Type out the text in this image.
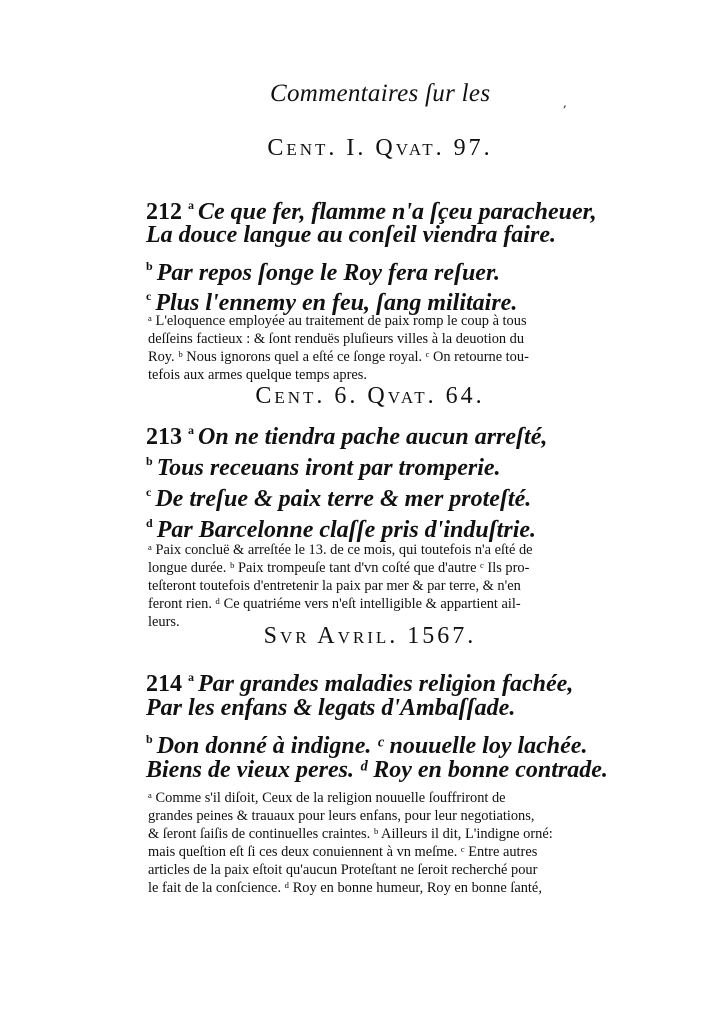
Commentaires ſur les	,
Cent. I. Qvat. 97.
212 $^a$ Ce que fer, flamme n'a ſçeu paracheuer,
La douce langue au conſeil viendra faire.
$^b$ Par repos ſonge le Roy fera reſuer.
$^c$ Plus l'ennemy en feu, ſang militaire.
ᵃ L'eloquence employée au traitement de paix romp le coup à tous
deſſeins factieux : & ſont renduës pluſieurs villes à la deuotion du
Roy. ᵇ Nous ignorons quel a eſté ce ſonge royal. ᶜ On retourne tou-
tefois aux armes quelque temps apres.
Cent. 6. Qvat. 64.
213 $^a$ On ne tiendra pache aucun arreſté,
$^b$ Tous receuans iront par tromperie.
$^c$ De treſue & paix terre & mer proteſté.
$^d$ Par Barcelonne claſſe pris d'induſtrie.
ᵃ Paix concluë & arreſtée le 13. de ce mois, qui toutefois n'a eſté de
longue durée. ᵇ Paix trompeuſe tant d'vn coſté que d'autre ᶜ Ils pro-
teſteront toutefois d'entretenir la paix par mer & par terre, & n'en
feront rien. ᵈ Ce quatriéme vers n'eſt intelligible & appartient ail-
leurs.
Svr Avril. 1567.
214 $^a$ Par grandes maladies religion fachée,
Par les enfans & legats d'Ambaſſade.
$^b$ Don donné à indigne. ᶜ nouuelle loy lachée.
Biens de vieux peres. ᵈ Roy en bonne contrade.
ᵃ Comme s'il diſoit, Ceux de la religion nouuelle ſouffriront de
grandes peines & trauaux pour leurs enfans, pour leur negotiations,
& ſeront ſaiſis de continuelles craintes. ᵇ Ailleurs il dit, L'indigne orné:
mais queſtion eſt ſi ces deux conuiennent à vn meſme. ᶜ Entre autres
articles de la paix eſtoit qu'aucun Proteſtant ne ſeroit recherché pour
le fait de la conſcience. ᵈ Roy en bonne humeur, Roy en bonne ſanté,
